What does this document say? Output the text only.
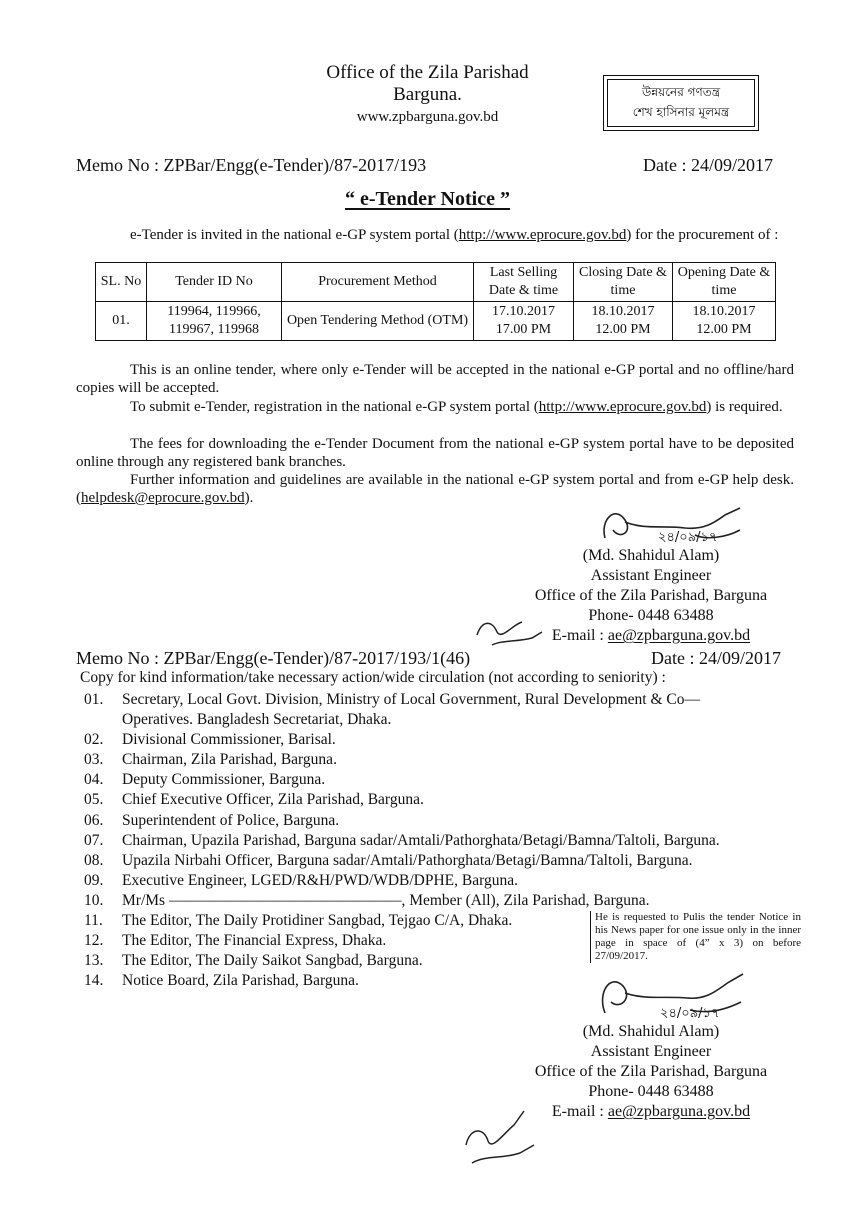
Office of the Zila Parishad
Barguna.
www.zpbarguna.gov.bd
উন্নয়নের গণতন্ত্র
শেখ হাসিনার মূলমন্ত্র
Memo No : ZPBar/Engg(e-Tender)/87-2017/193	Date : 24/09/2017
“ e-Tender Notice ”
e-Tender is invited in the national e-GP system portal (http://www.eprocure.gov.bd) for the procurement of :
SL. No	Tender ID No	Procurement Method	Last Selling Date & time	Closing Date & time	Opening Date & time
01.	119964, 119966, 119967, 119968	Open Tendering Method (OTM)	17.10.2017 17.00 PM	18.10.2017 12.00 PM	18.10.2017 12.00 PM
This is an online tender, where only e-Tender will be accepted in the national e-GP portal and no offline/hard copies will be accepted.
To submit e-Tender, registration in the national e-GP system portal (http://www.eprocure.gov.bd) is required.
The fees for downloading the e-Tender Document from the national e-GP system portal have to be deposited online through any registered bank branches.
Further information and guidelines are available in the national e-GP system portal and from e-GP help desk. (helpdesk@eprocure.gov.bd).
২৪/০৯/১৭
(Md. Shahidul Alam)
Assistant Engineer
Office of the Zila Parishad, Barguna
Phone- 0448 63488
E-mail : ae@zpbarguna.gov.bd
Memo No : ZPBar/Engg(e-Tender)/87-2017/193/1(46)	Date : 24/09/2017
Copy for kind information/take necessary action/wide circulation (not according to seniority) :
01.	Secretary, Local Govt. Division, Ministry of Local Government, Rural Development & Co—
Operatives. Bangladesh Secretariat, Dhaka.
02.	Divisional Commissioner, Barisal.
03.	Chairman, Zila Parishad, Barguna.
04.	Deputy Commissioner, Barguna.
05.	Chief Executive Officer, Zila Parishad, Barguna.
06.	Superintendent of Police, Barguna.
07.	Chairman, Upazila Parishad, Barguna sadar/Amtali/Pathorghata/Betagi/Bamna/Taltoli, Barguna.
08.	Upazila Nirbahi Officer, Barguna sadar/Amtali/Pathorghata/Betagi/Bamna/Taltoli, Barguna.
09.	Executive Engineer, LGED/R&H/PWD/WDB/DPHE, Barguna.
10.	Mr/Ms ———————————————, Member (All), Zila Parishad, Barguna.
11.	The Editor, The Daily Protidiner Sangbad, Tejgao C/A, Dhaka.
12.	The Editor, The Financial Express, Dhaka.
13.	The Editor, The Daily Saikot Sangbad, Barguna.
14.	Notice Board, Zila Parishad, Barguna.
He is requested to Pulis the tender Notice in his News paper for one issue only in the inner page in space of (4” x 3) on before 27/09/2017.
২৪/০৯/১৭
(Md. Shahidul Alam)
Assistant Engineer
Office of the Zila Parishad, Barguna
Phone- 0448 63488
E-mail : ae@zpbarguna.gov.bd
